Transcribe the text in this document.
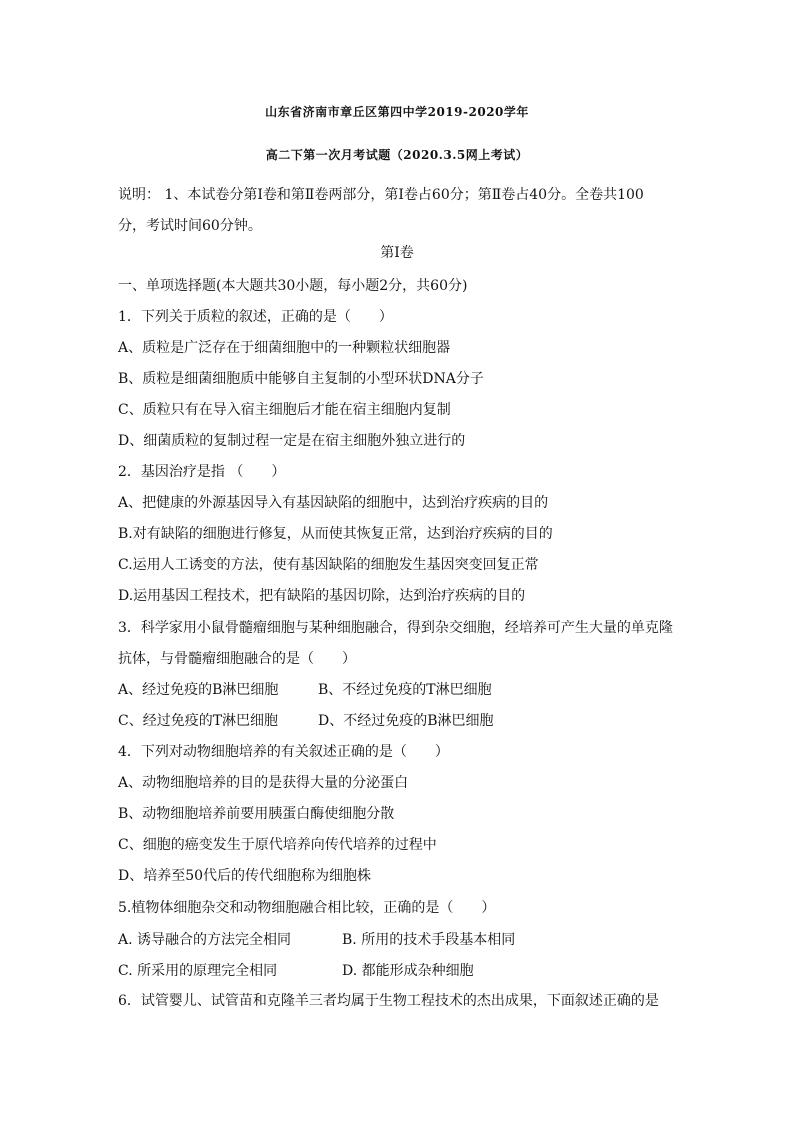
山东省济南市章丘区第四中学2019-2020学年
高二下第一次月考试题（2020.3.5网上考试）
说明： 1、本试卷分第Ⅰ卷和第Ⅱ卷两部分，第Ⅰ卷占60分；第Ⅱ卷占40分。全卷共100
分，考试时间60分钟。
第Ⅰ卷
一、单项选择题(本大题共30小题，每小题2分，共60分)
1．下列关于质粒的叙述，正确的是（　　）
A、质粒是广泛存在于细菌细胞中的一种颗粒状细胞器
B、质粒是细菌细胞质中能够自主复制的小型环状DNA分子
C、质粒只有在导入宿主细胞后才能在宿主细胞内复制
D、细菌质粒的复制过程一定是在宿主细胞外独立进行的
2．基因治疗是指 （　　）
A、把健康的外源基因导入有基因缺陷的细胞中，达到治疗疾病的目的
B.对有缺陷的细胞进行修复，从而使其恢复正常，达到治疗疾病的目的
C.运用人工诱变的方法，使有基因缺陷的细胞发生基因突变回复正常
D.运用基因工程技术，把有缺陷的基因切除，达到治疗疾病的目的
3．科学家用小鼠骨髓瘤细胞与某种细胞融合，得到杂交细胞，经培养可产生大量的单克隆
抗体，与骨髓瘤细胞融合的是（　　）
A、经过免疫的B淋巴细胞	B、不经过免疫的T淋巴细胞
C、经过免疫的T淋巴细胞	D、不经过免疫的B淋巴细胞
4．下列对动物细胞培养的有关叙述正确的是（　　）
A、动物细胞培养的目的是获得大量的分泌蛋白
B、动物细胞培养前要用胰蛋白酶使细胞分散
C、细胞的癌变发生于原代培养向传代培养的过程中
D、培养至50代后的传代细胞称为细胞株
5.植物体细胞杂交和动物细胞融合相比较，正确的是（　　）
A. 诱导融合的方法完全相同	B. 所用的技术手段基本相同
C. 所采用的原理完全相同	D. 都能形成杂种细胞
6．试管婴儿、试管苗和克隆羊三者均属于生物工程技术的杰出成果，下面叙述正确的是
